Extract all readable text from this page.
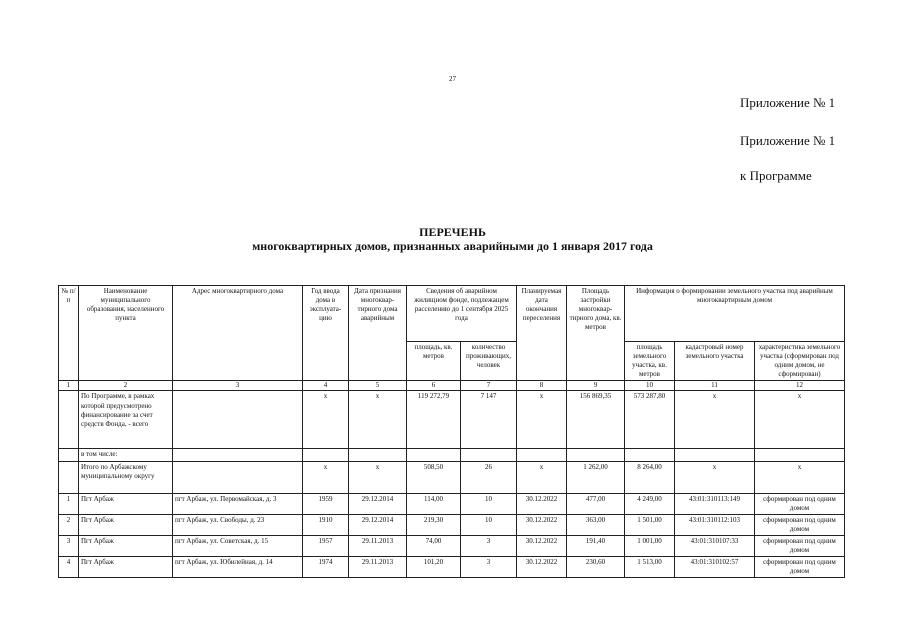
27
Приложение № 1
Приложение № 1
к Программе
ПЕРЕЧЕНЬ
многоквартирных домов, признанных аварийными до 1 января 2017 года
№ п/п	Наименование муниципального образования, населенного пункта	Адрес многоквартирного дома	Год ввода дома в эксплуата-цию	Дата признания многоквар-тирного дома аварийным	Сведения об аварийном жилищном фонде, подлежащем расселению до 1 сентября 2025 года		Планируемая дата окончания переселения	Площадь застройки многоквар-тирного дома, кв. метров	Информация о формировании земельного участка под аварийным многоквартирным домом		
					площадь, кв. метров	количество проживающих, человек			площадь земельного участка, кв. метров	кадастровый номер земельного участка	характеристика земельного участка (сформирован под одним домом, не сформирован)
1	2	3	4	5	6	7	8	9	10	11	12
	По Программе, в рамках которой предусмотрено финансирование за счет средств Фонда, - всего		х	х	119 272,79	7 147	х	156 869,35	573 287,80	х	х
	в том числе:										
	Итого по Арбажскому муниципальному округу		х	х	508,50	26	х	1 262,00	8 264,00	х	х
1	Пгт Арбаж	пгт Арбаж, ул. Первомайская, д. 3	1959	29.12.2014	114,00	10	30.12.2022	477,00	4 249,00	43:01:310113:149	сформирован под одним домом
2	Пгт Арбаж	пгт Арбаж, ул. Свободы, д. 23	1910	29.12.2014	219,30	10	30.12.2022	363,00	1 501,00	43:01:310112:103	сформирован под одним домом
3	Пгт Арбаж	пгт Арбаж, ул. Советская, д. 15	1957	29.11.2013	74,00	3	30.12.2022	191,40	1 001,00	43:01:310107:33	сформирован под одним домом
4	Пгт Арбаж	пгт Арбаж, ул. Юбилейная, д. 14	1974	29.11.2013	101,20	3	30.12.2022	230,60	1 513,00	43:01:310102:57	сформирован под одним домом
